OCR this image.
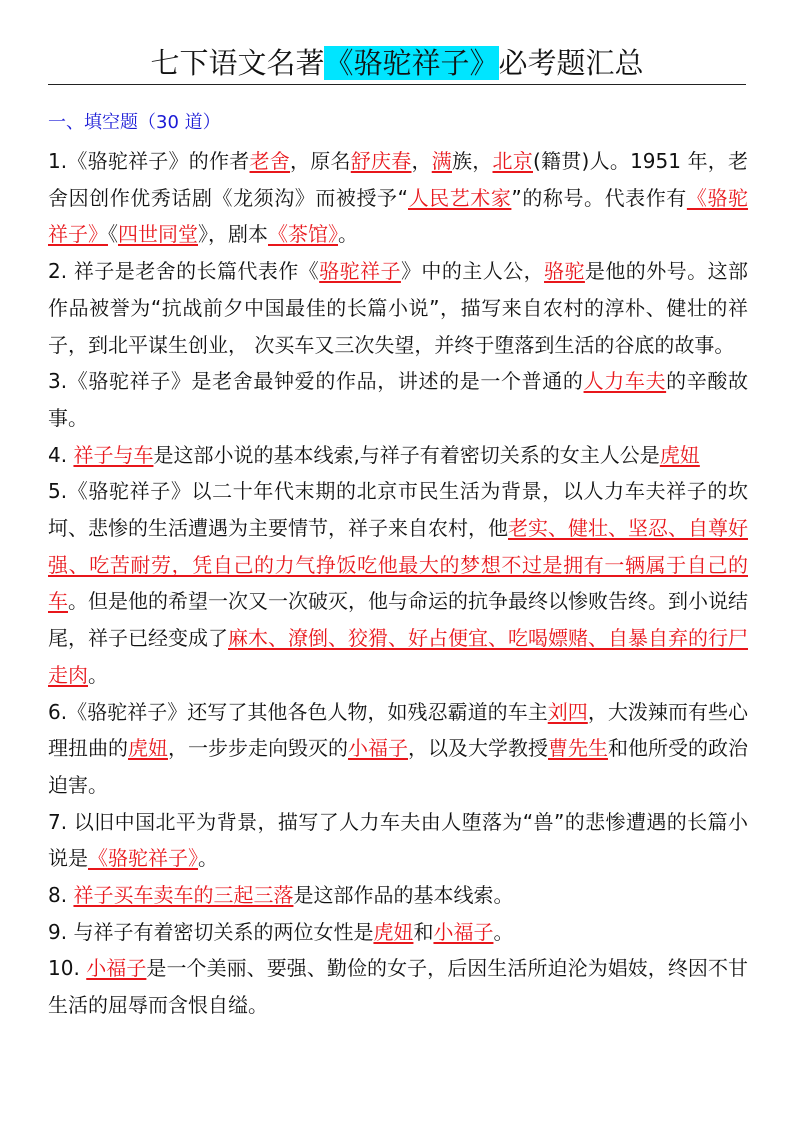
七下语文名著《骆驼祥子》必考题汇总
一、填空题（30 道）

1.《骆驼祥子》的作者老舍，原名舒庆春，满族，北京(籍贯)人。1951 年，老舍因创作优秀话剧《龙须沟》而被授予“人民艺术家”的称号。代表作有《骆驼祥子》《四世同堂》，剧本《茶馆》。

2. 祥子是老舍的长篇代表作《骆驼祥子》中的主人公，骆驼是他的外号。这部作品被誉为“抗战前夕中国最佳的长篇小说”，描写来自农村的淳朴、健壮的祥子，到北平谋生创业， 次买车又三次失望，并终于堕落到生活的谷底的故事。

3.《骆驼祥子》是老舍最钟爱的作品，讲述的是一个普通的人力车夫的辛酸故事。

4. 祥子与车是这部小说的基本线索,与祥子有着密切关系的女主人公是虎妞

5.《骆驼祥子》以二十年代末期的北京市民生活为背景，以人力车夫祥子的坎坷、悲惨的生活遭遇为主要情节，祥子来自农村，他老实、健壮、坚忍、自尊好强、吃苦耐劳，凭自己的力气挣饭吃他最大的梦想不过是拥有一辆属于自己的车。但是他的希望一次又一次破灭，他与命运的抗争最终以惨败告终。到小说结尾，祥子已经变成了麻木、潦倒、狡猾、好占便宜、吃喝嫖赌、自暴自弃的行尸走肉。

6.《骆驼祥子》还写了其他各色人物，如残忍霸道的车主刘四，大泼辣而有些心理扭曲的虎妞，一步步走向毁灭的小福子，以及大学教授曹先生和他所受的政治迫害。

7. 以旧中国北平为背景，描写了人力车夫由人堕落为“兽”的悲惨遭遇的长篇小说是《骆驼祥子》。

8. 祥子买车卖车的三起三落是这部作品的基本线索。

9. 与祥子有着密切关系的两位女性是虎妞和小福子。

10. 小福子是一个美丽、要强、勤俭的女子，后因生活所迫沦为娼妓，终因不甘生活的屈辱而含恨自缢。
